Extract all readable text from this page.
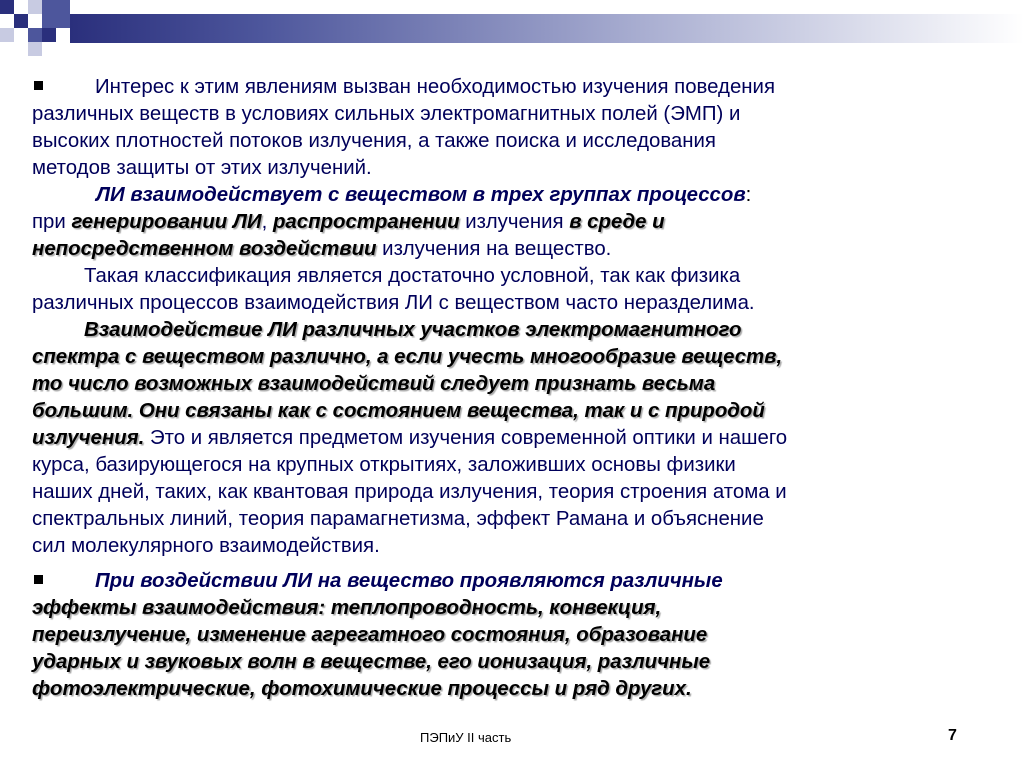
Интерес к этим явлениям вызван необходимостью изучения поведения
различных веществ в условиях сильных электромагнитных полей (ЭМП) и
высоких плотностей потоков излучения, а также поиска и исследования
методов защиты от этих излучений.
ЛИ взаимодействует с веществом в трех группах процессов:
при генерировании ЛИ, распространении излучения в среде и
непосредственном воздействии излучения на вещество.
Такая классификация является достаточно условной, так как физика
различных процессов взаимодействия ЛИ с веществом часто неразделима.
Взаимодействие ЛИ различных участков электромагнитного
спектра с веществом различно, а если учесть многообразие веществ,
то число возможных взаимодействий следует признать весьма
большим. Они связаны как с состоянием вещества, так и с природой
излучения. Это и является предметом изучения современной оптики и нашего
курса, базирующегося на крупных открытиях, заложивших основы физики
наших дней, таких, как квантовая природа излучения, теория строения атома и
спектральных линий, теория парамагнетизма, эффект Рамана и объяснение
сил молекулярного взаимодействия.
При воздействии ЛИ на вещество проявляются различные
эффекты взаимодействия: теплопроводность, конвекция,
переизлучение, изменение агрегатного состояния, образование
ударных и звуковых волн в веществе, его ионизация, различные
фотоэлектрические, фотохимические процессы и ряд других.
ПЭПиУ II часть	7
